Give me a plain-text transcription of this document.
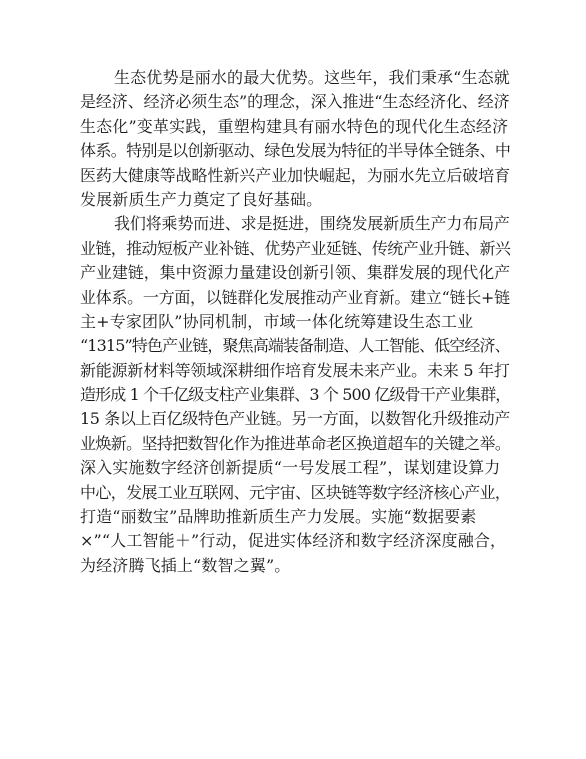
生态优势是丽水的最大优势。这些年，我们秉承“生态就
是经济、经济必须生态”的理念，深入推进“生态经济化、经济
生态化”变革实践，重塑构建具有丽水特色的现代化生态经济
体系。特别是以创新驱动、绿色发展为特征的半导体全链条、中
医药大健康等战略性新兴产业加快崛起，为丽水先立后破培育
发展新质生产力奠定了良好基础。
我们将乘势而进、求是挺进，围绕发展新质生产力布局产
业链，推动短板产业补链、优势产业延链、传统产业升链、新兴
产业建链，集中资源力量建设创新引领、集群发展的现代化产
业体系。一方面，以链群化发展推动产业育新。建立“链长+链
主+专家团队”协同机制，市域一体化统筹建设生态工业
“1315”特色产业链，聚焦高端装备制造、人工智能、低空经济、
新能源新材料等领域深耕细作培育发展未来产业。未来 5 年打
造形成 1 个千亿级支柱产业集群、3 个 500 亿级骨干产业集群，
15 条以上百亿级特色产业链。另一方面，以数智化升级推动产
业焕新。坚持把数智化作为推进革命老区换道超车的关键之举。
深入实施数字经济创新提质“一号发展工程”，谋划建设算力
中心，发展工业互联网、元宇宙、区块链等数字经济核心产业，
打造“丽数宝”品牌助推新质生产力发展。实施“数据要素
×”“人工智能＋”行动，促进实体经济和数字经济深度融合，
为经济腾飞插上“数智之翼”。
